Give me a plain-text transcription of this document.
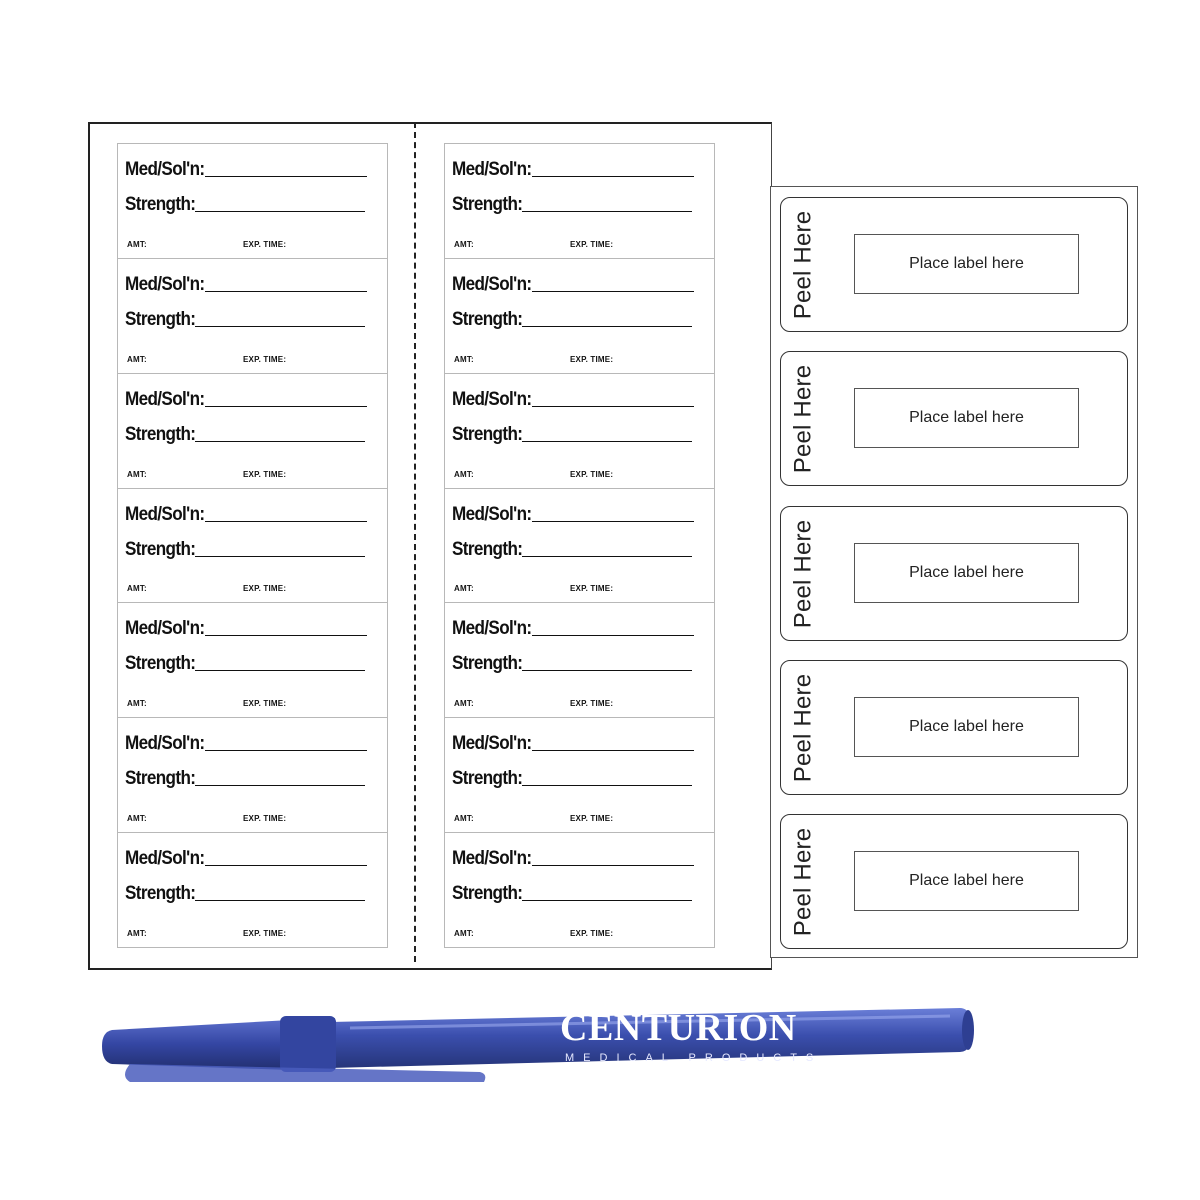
Med/Sol'n:
Strength:
AMT:	EXP. TIME:
Med/Sol'n:
Strength:
AMT:	EXP. TIME:
Med/Sol'n:
Strength:
AMT:	EXP. TIME:
Med/Sol'n:
Strength:
AMT:	EXP. TIME:
Med/Sol'n:
Strength:
AMT:	EXP. TIME:
Med/Sol'n:
Strength:
AMT:	EXP. TIME:
Med/Sol'n:
Strength:
AMT:	EXP. TIME:
Med/Sol'n:
Strength:
AMT:	EXP. TIME:
Med/Sol'n:
Strength:
AMT:	EXP. TIME:
Med/Sol'n:
Strength:
AMT:	EXP. TIME:
Med/Sol'n:
Strength:
AMT:	EXP. TIME:
Med/Sol'n:
Strength:
AMT:	EXP. TIME:
Med/Sol'n:
Strength:
AMT:	EXP. TIME:
Med/Sol'n:
Strength:
AMT:	EXP. TIME:
Peel Here	Place label here
Peel Here	Place label here
Peel Here	Place label here
Peel Here	Place label here
Peel Here	Place label here
CENTURION
MEDICAL PRODUCTS
